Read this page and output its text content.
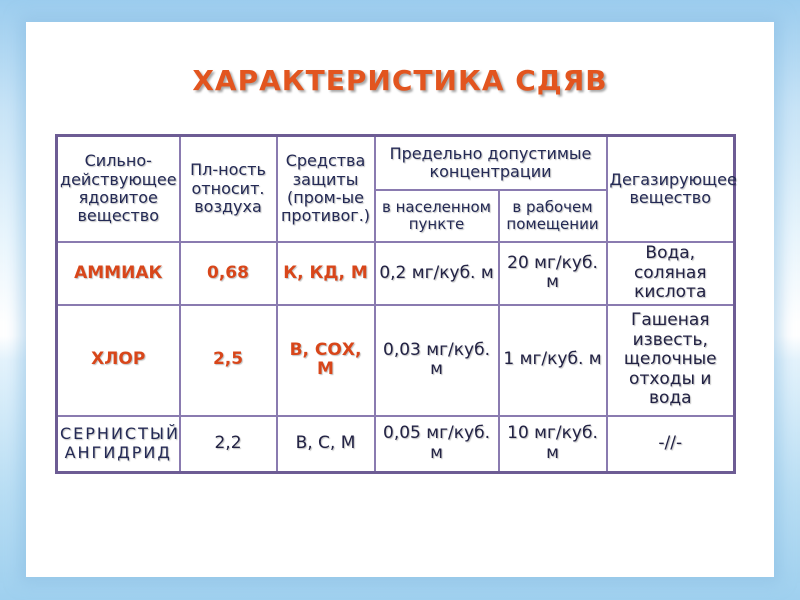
ХАРАКТЕРИСТИКА СДЯВ
Сильно-действующее ядовитое вещество	Пл-ность относит. воздуха	Средства защиты (пром-ые противог.)	Предельно допустимые концентрации		Дегазирующее вещество
			в населенном пункте	в рабочем помещении	
АММИАК	0,68	К, КД, М	0,2 мг/куб. м	20 мг/куб. м	Вода, соляная кислота
ХЛОР	2,5	В, СОХ, М	0,03 мг/куб. м	1 мг/куб. м	Гашеная известь, щелочные отходы и вода
СЕРНИСТЫЙ АНГИДРИД	2,2	В, С, М	0,05 мг/куб. м	10 мг/куб. м	-//-
